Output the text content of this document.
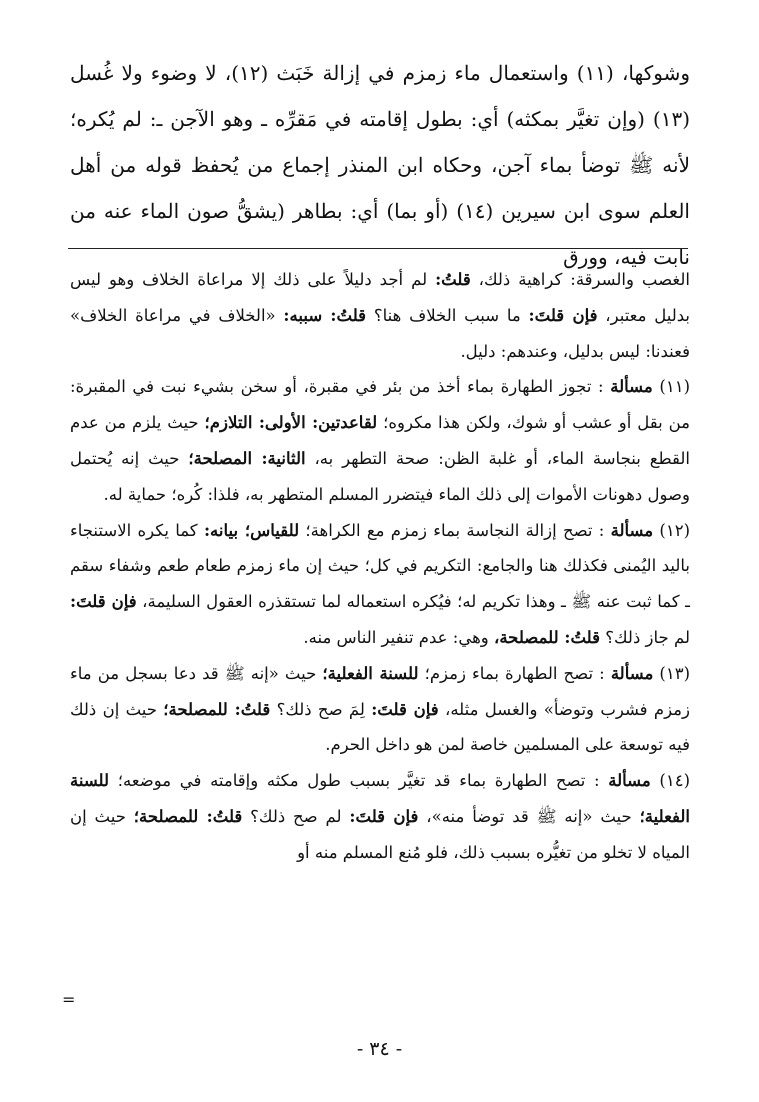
وشوكها، (١١) واستعمال ماء زمزم في إزالة خَبَث (١٢)، لا وضوء ولا غُسل (١٣) (وإن تغيَّر بمكثه) أي: بطول إقامته في مَقرِّه ـ وهو الآجن ـ: لم يُكره؛ لأنه ﷺ توضأ بماء آجن، وحكاه ابن المنذر إجماع من يُحفظ قوله من أهل العلم سوى ابن سيرين (١٤) (أو بما) أي: بطاهر (يشقُّ صون الماء عنه من نابت فيه، وورق

الغصب والسرقة: كراهية ذلك، قلتُ: لم أجد دليلاً على ذلك إلا مراعاة الخلاف وهو ليس بدليل معتبر، فإن قلتَ: ما سبب الخلاف هنا؟ قلتُ: سببه: «الخلاف في مراعاة الخلاف» فعندنا: ليس بدليل، وعندهم: دليل.

(١١) مسألة : تجوز الطهارة بماء أخذ من بئر في مقبرة، أو سخن بشيء نبت في المقبرة: من بقل أو عشب أو شوك، ولكن هذا مكروه؛ لقاعدتين: الأولى: التلازم؛ حيث يلزم من عدم القطع بنجاسة الماء، أو غلبة الظن: صحة التطهر به، الثانية: المصلحة؛ حيث إنه يُحتمل وصول دهونات الأموات إلى ذلك الماء فيتضرر المسلم المتطهر به، فلذا: كُره؛ حماية له.

(١٢) مسألة : تصح إزالة النجاسة بماء زمزم مع الكراهة؛ للقياس؛ بيانه: كما يكره الاستنجاء باليد اليُمنى فكذلك هنا والجامع: التكريم في كل؛ حيث إن ماء زمزم طعام طعم وشفاء سقم ـ كما ثبت عنه ﷺ ـ وهذا تكريم له؛ فيُكره استعماله لما تستقذره العقول السليمة، فإن قلتَ: لم جاز ذلك؟ قلتُ: للمصلحة، وهي: عدم تنفير الناس منه.

(١٣) مسألة : تصح الطهارة بماء زمزم؛ للسنة الفعلية؛ حيث «إنه ﷺ قد دعا بسجل من ماء زمزم فشرب وتوضأ» والغسل مثله، فإن قلتَ: لِمَ صح ذلك؟ قلتُ: للمصلحة؛ حيث إن ذلك فيه توسعة على المسلمين خاصة لمن هو داخل الحرم.

(١٤) مسألة : تصح الطهارة بماء قد تغيَّر بسبب طول مكثه وإقامته في موضعه؛ للسنة الفعلية؛ حيث «إنه ﷺ قد توضأ منه»، فإن قلتَ: لم صح ذلك؟ قلتُ: للمصلحة؛ حيث إن المياه لا تخلو من تغيُّره بسبب ذلك، فلو مُنع المسلم منه أو

=
- ٣٤ -
